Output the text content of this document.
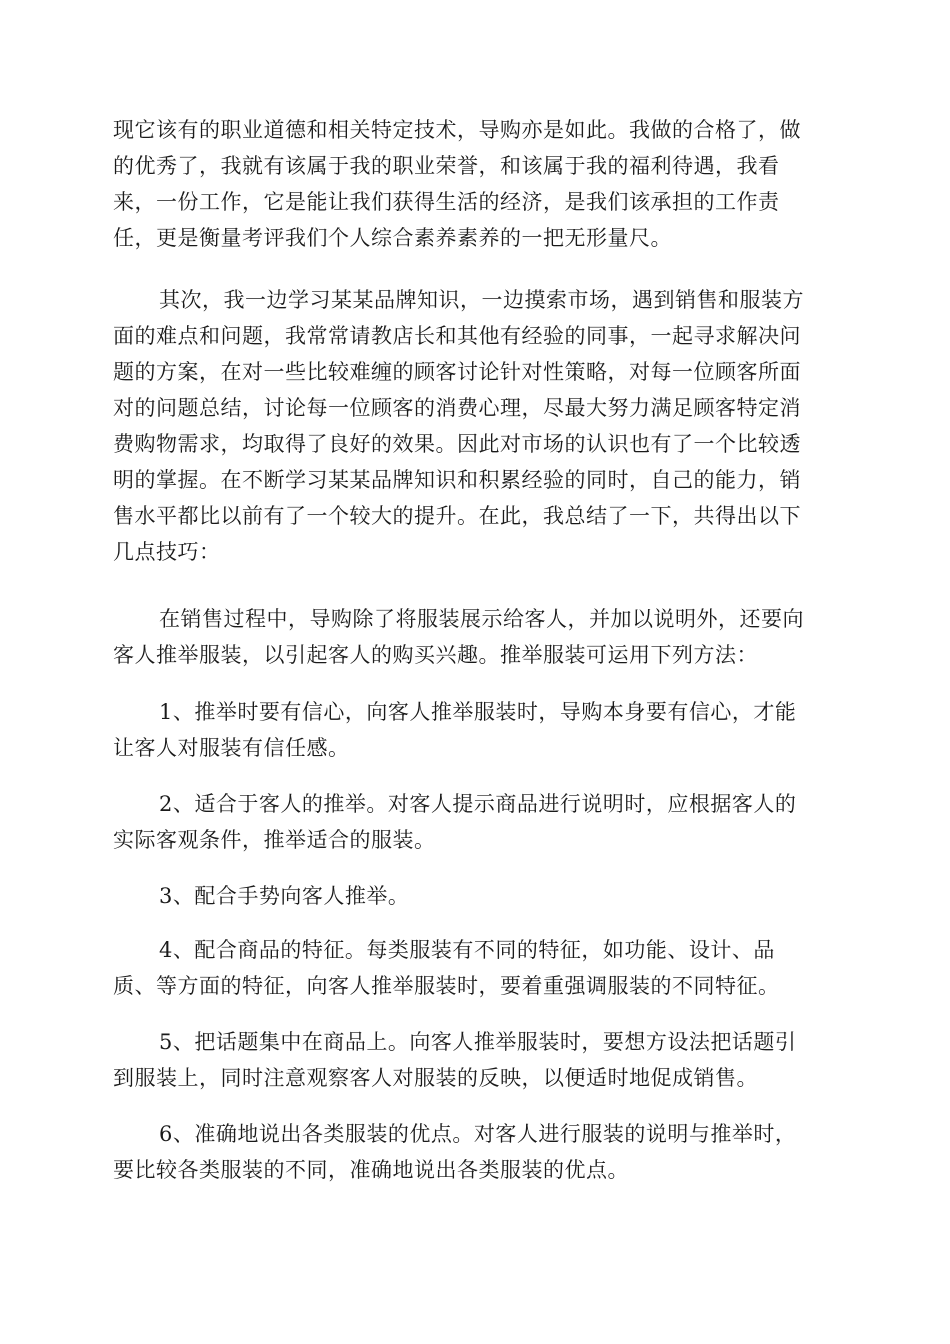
现它该有的职业道德和相关特定技术，导购亦是如此。我做的合格了，做
的优秀了，我就有该属于我的职业荣誉，和该属于我的福利待遇，我看
来，一份工作，它是能让我们获得生活的经济，是我们该承担的工作责
任，更是衡量考评我们个人综合素养素养的一把无形量尺。

其次，我一边学习某某品牌知识，一边摸索市场，遇到销售和服装方
面的难点和问题，我常常请教店长和其他有经验的同事，一起寻求解决问
题的方案，在对一些比较难缠的顾客讨论针对性策略，对每一位顾客所面
对的问题总结，讨论每一位顾客的消费心理，尽最大努力满足顾客特定消
费购物需求，均取得了良好的效果。因此对市场的认识也有了一个比较透
明的掌握。在不断学习某某品牌知识和积累经验的同时，自己的能力，销
售水平都比以前有了一个较大的提升。在此，我总结了一下，共得出以下
几点技巧：

在销售过程中，导购除了将服装展示给客人，并加以说明外，还要向
客人推举服装，以引起客人的购买兴趣。推举服装可运用下列方法：

1、推举时要有信心，向客人推举服装时，导购本身要有信心，才能
让客人对服装有信任感。

2、适合于客人的推举。对客人提示商品进行说明时，应根据客人的
实际客观条件，推举适合的服装。

3、配合手势向客人推举。

4、配合商品的特征。每类服装有不同的特征，如功能、设计、品
质、等方面的特征，向客人推举服装时，要着重强调服装的不同特征。

5、把话题集中在商品上。向客人推举服装时，要想方设法把话题引
到服装上，同时注意观察客人对服装的反映，以便适时地促成销售。

6、准确地说出各类服装的优点。对客人进行服装的说明与推举时，
要比较各类服装的不同，准确地说出各类服装的优点。
